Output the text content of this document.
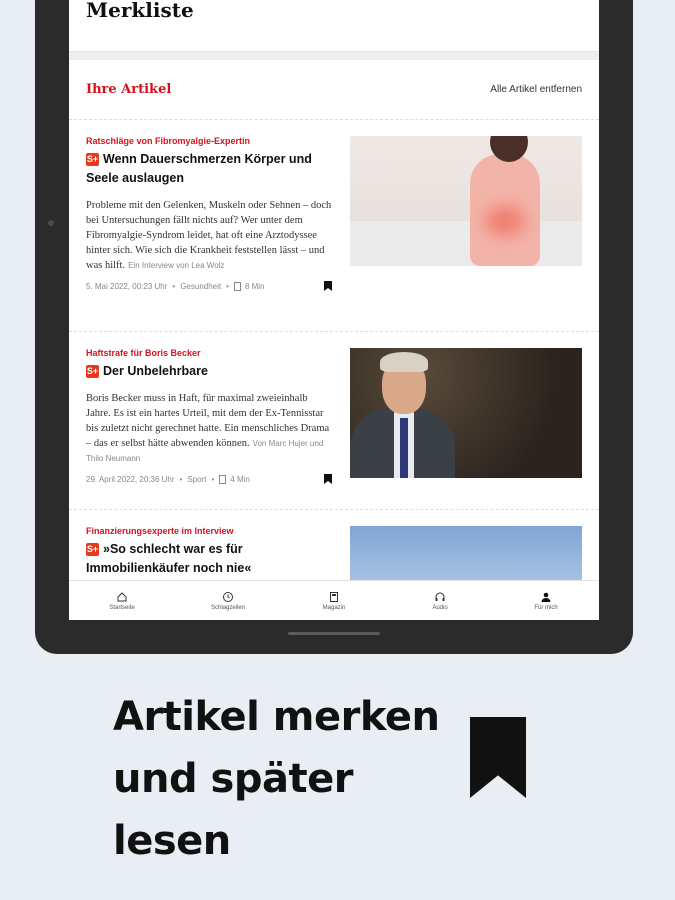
Merkliste
Ihre Artikel	Alle Artikel entfernen
Ratschläge von Fibromyalgie-Expertin
S+ Wenn Dauerschmerzen Körper und Seele auslaugen
Probleme mit den Gelenken, Muskeln oder Sehnen – doch bei Untersuchungen fällt nichts auf? Wer unter dem Fibromyalgie-Syndrom leidet, hat oft eine Arztodyssee hinter sich. Wie sich die Krankheit feststellen lässt – und was hilft. Ein Interview von Lea Wolz
5. Mai 2022, 00:23 Uhr • Gesundheit • 8 Min
Haftstrafe für Boris Becker
S+ Der Unbelehrbare
Boris Becker muss in Haft, für maximal zweieinhalb Jahre. Es ist ein hartes Urteil, mit dem der Ex-Tennisstar bis zuletzt nicht gerechnet hatte. Ein menschliches Drama – das er selbst hätte abwenden können. Von Marc Hujer und Thilo Neumann
29. April 2022, 20:36 Uhr • Sport • 4 Min
Finanzierungsexperte im Interview
S+ »So schlecht war es für Immobilienkäufer noch nie«
Startseite	Schlagzeilen	Magazin	Audio	Für mich
Artikel merken
und später
lesen
